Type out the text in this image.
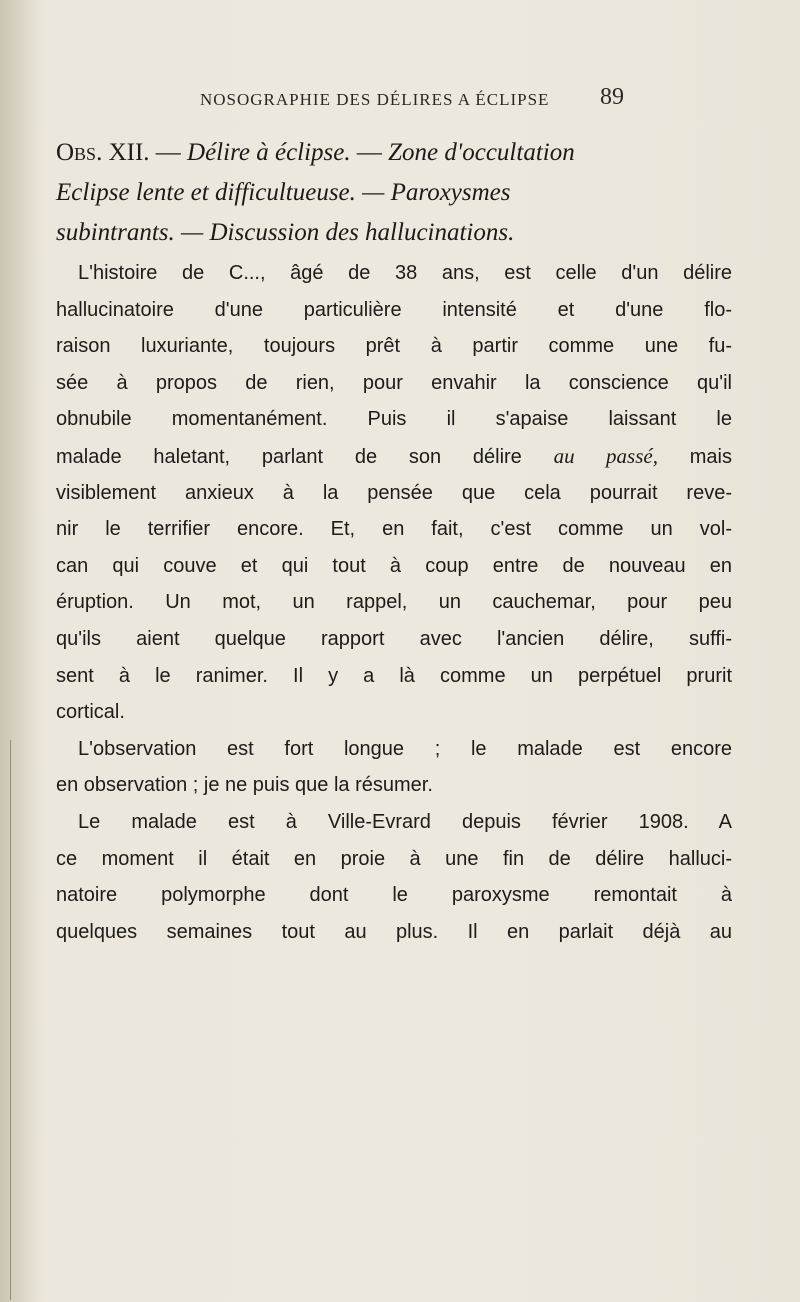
NOSOGRAPHIE DES DÉLIRES A ÉCLIPSE 89
Obs. XII. — Délire à éclipse. — Zone d'occultation
Eclipse lente et difficultueuse. — Paroxysmes
subintrants. — Discussion des hallucinations.
L'histoire de C..., âgé de 38 ans, est celle d'un délire
hallucinatoire d'une particulière intensité et d'une flo-
raison luxuriante, toujours prêt à partir comme une fu-
sée à propos de rien, pour envahir la conscience qu'il
obnubile momentanément. Puis il s'apaise laissant le
malade haletant, parlant de son délire au passé, mais
visiblement anxieux à la pensée que cela pourrait reve-
nir le terrifier encore. Et, en fait, c'est comme un vol-
can qui couve et qui tout à coup entre de nouveau en
éruption. Un mot, un rappel, un cauchemar, pour peu
qu'ils aient quelque rapport avec l'ancien délire, suffi-
sent à le ranimer. Il y a là comme un perpétuel prurit
cortical.
L'observation est fort longue ; le malade est encore
en observation ; je ne puis que la résumer.
Le malade est à Ville-Evrard depuis février 1908. A
ce moment il était en proie à une fin de délire halluci-
natoire polymorphe dont le paroxysme remontait à
quelques semaines tout au plus. Il en parlait déjà au
